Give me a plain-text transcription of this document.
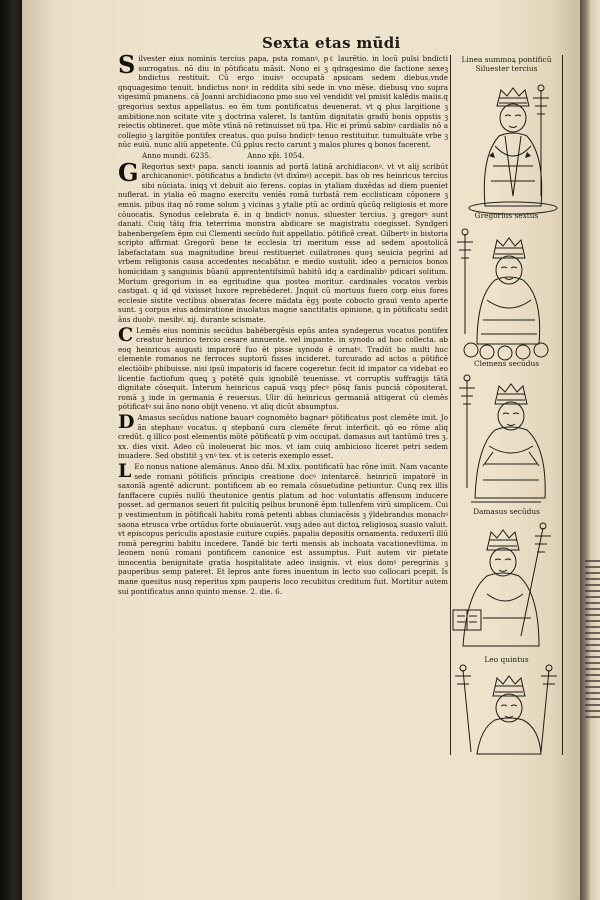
Sexta etas mūdi

Silvester eius nominis tercius papa, psta romanꝰ, pℓ laurētio. in locū pulsi bndicti surrogatus. nō diu in pōtificatu māsit. Nono ei ꝫ qdragesimo die factione sexeꝫ bndictus restituit. Cū ergo inuisꝰ occupatā apsicam sedem diebus,vnde qnquagesimo tenuit. bndictus nonꝰ in reddita sibi sede in vno mēse. diebusꝗ vno supra vigesimū pmanens. cā Joanni archidiacono pmo suo vel vendidit vel pmisit kalēdis maiis.q gregorius sextus appellatus. eo ēm tum pontificatus deuenerat. vt ꝗ plus largitione ꝫ ambitione.non scitate vite ꝫ doctrina valeret. Is tantūm dignitatis gradū bonis oppstis ꝫ reiectis obtineret. que mōte vtīnā nō retinuisset nū tpa. Hic ei prīmū sabinꝰ cardialis nō a collegio ꝫ largitōe pontifex creatus. quo pulso bndictꝰ tenuo restituitur. tumultuāte vrbe ꝫ nūc euiū. nunc aliū appetente. Cū ꝑplus recto carunt ꝫ malos plures ꝗ bonos facerent.

Anno mundi. 6235.	Anno xp̄i. 1054.

G Regorius sextꝰ papa. sancti ioannis ad portā latinā archidiaconꝰ. vt vt alij scribūt archicanonicꝰ. pōtificatus a bndicto (vt dixīmꝰ) accepit. bas ob res heinricus tercius sibi nūciata. iniqꝫ vt debuit aio ferens. copias in ytaliam duxēdas ad diem pueniet nuflerat. in ytalia eō magno exercitu veniēs romā turbatā rem ecclisticam cōponere ꝫ emnis. pibus itaq nō rome solum ꝫ vicinas ꝫ ytalie ptū ac ordinū qūcūq religiosis et more cōuocatis. Synodus celebrata ē. in q bndictꝰ nonus. siluester tercius. ꝫ gregorꝰ sunt danati. Cuiq tātq fria teterrima monstra abdicare se magistratu coegisset. Syndgeri babenbergeſem ēpm cui Clementi secūdo fuit appellatio. pōtificē creat. Gilbertꝰ in bistoria scripto affirmat Gregorū bene te ecclesia tri meritum esse ad sedem apostolicā labefactatam sua magnitudine breui restitueriet cuilatrones quoꝫ seuicia pegrīni ad vrbem religionis causa accedentes necabātur. e medio sustulit. ideo a pernicios bonos homicidam ꝫ sanguinis būanū apprententiſsimū habitū idq a cardinalibꝰ pdicari solitum. Mortum gregorium in ea egritudine qua postea moritur. cardinales vocatos verbis castigat. q id qd vixisset luxore reprebēderet. Jnquit cū mortuus fuero corꝑ eius fores ecclesie sistite vectibus obseratas fecere mādata ēgꝫ poste cobocto graui vento aperte sunt. ꝫ corpus eius admiratione inuolatus magne sanctitatis opinione, ꝗ in pōtificatu sedit āns duobꝰ. mesibꝰ. xij. durante scismate.

C Lemēs eius nominis secūdus babēbergēsis epūs antea syndegerus vocatus pontifex creatur heinrico tercio cesare annuente. vel impante. in synodo ad hoc collecta. ab eoq heinricus augusti imparorē fuo ēt pisse synodo ē ornatꝰ. Tradūt bo multi huc clemente romanos ne ferroces suptorū fisses incideret. turcurado ad actos a pōtificē electiōibꝰ phibuisse. nisi ipsū impatoris id facere cogeretur. fecit id impator ca videbat eo licentie factiofum queꝗ ꝫ potētē quis ignobilē teuenisse. vt corruptis suffragijs tātā dignitate cōsequit. Interum heinricus capuā vsqꝫ pfecꝰ pōsq fanis punciā cōpositerat. romā ꝫ inde in germania ē reuersus. Ulir dū heinricus germaniā attigerat cū clemēs pōtificatꝰ sui āno nono obijt veneno. vt aliq dicūt absumptus.

D Amasus secūdus natione bauarꝰ cognomēto bagnarꝰ pōtificatus post clemēte imit. Jo ān stephanꝰ vocatus. q stepbanū cura clemēte ferut interficit. qō eo rōme aliq credūt. q illico post elementis mōtē pōtificatū p vim occupat. damasus aut tantūmō tres ꝫ. xx. dies vixit. Adeo cū inoleuerat bic mos. vt iam cuiq ambicioso liceret petri sedem inuadere. Sed obstitit ꝫ vnꝰ tex. vt is ceteris exemplo esset.

L Eo nonus natione alemānus. Anno dñi. M.xlix. pontificatū hac rōne iniit. Nam vacante sede romani pōtificis prīncipis creatione docꝰ intentarcē. heinricū impatorē in saxonīā agentē adicrunt. pontificem ab eo remala cōsuetudine petiuntur. Cunꝗ rex illis fanffacere cupiēs nullū theutonice gentis platum ad hoc voluntatis affensum inducere posset. ad germanos seueri fit pulcitiꝗ pelbus brunonē ēpm tullenfem virū simplicem. Cui p vestimentum in pōtificali habitu romā petenti abbas cluniacēsis ꝫ ÿldebrandus monachꝰ saona etrusca vrbe ortūdus forte obuiauerūt. vsqꝫ adeo aut dictoꝝ religiosoꝝ suasio valuit. vt episcopus periculis apostasie cuiture cupiēs. papalia depositis ornamenta. reduxeriī illū romā peregrini babitu incedere. Tandē bic terti mensis ab inchoata vacationevltima. in leonem nonū romani pontificem canonice est assumptus. Fuit autem vir pietate innocentia benignitate gratia hospitalitate adeo insignis. vt eius domꝰ peregrinis ꝫ pauperibus semp pateret. Et lepros ante fores inuentum in lecto suo collocari pcepit. Is mane quesitus nusq reperitus xpm pauperis loco recubitus creditum fuit. Mortitur autem sui pontificatus anno quinto mense. 2. die. 6.

Linea summoꝝ pontificū
Siluester tercius
Gregorius sextus
Clemens secūdus
Damasus secūdus
Leo quintus
